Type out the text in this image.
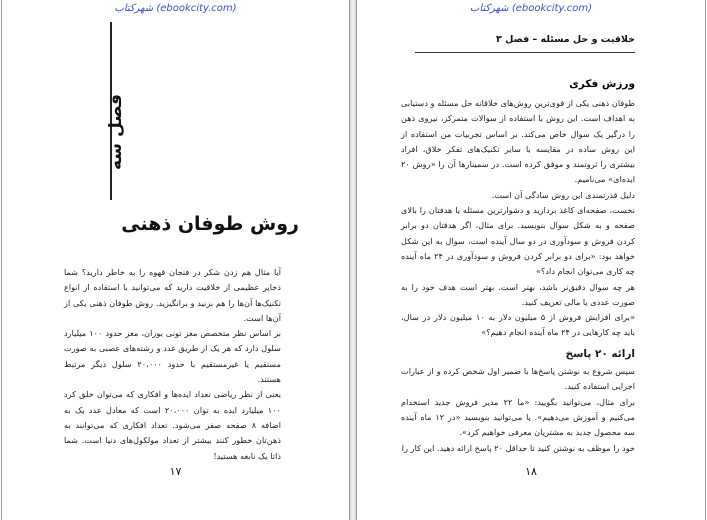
شهرکتاب (ebookcity.com)
فصل سه
روش طوفان ذهنی

آیا مثال هم زدن شکر در فنجان قهوه را به خاطر دارید؟ شما ذخایر عظیمی از خلاقیت دارید که می‌توانید با استفاده از انواع تکنیک‌ها آن‌ها را هم بزنید و برانگیزید. روش طوفان ذهنی یکی از آن‌ها است.

بر اساس نظر متخصص مغز تونی بوزان، مغز حدود ۱۰۰ میلیارد سلول دارد که هر یک از طریق غدد و رشته‌های عصبی به صورت مستقیم یا غیرمستقیم با حدود ۲۰،۰۰۰ سلول دیگر مرتبط هستند.

یعنی از نظر ریاضی تعداد ایده‌ها و افکاری که می‌توان خلق کرد ۱۰۰ میلیارد ایده به توان ۲۰،۰۰۰ است که معادل عدد یک به اضافه ۸ صفحه صفر می‌شود. تعداد افکاری که می‌توانند به ذهن‌تان خطور کنند بیشتر از تعداد مولکول‌های دنیا است. شما ذاتا یک نابغه هستید!

۱۷
شهرکتاب (ebookcity.com)
خلاقیت و حل مسئله – فصل ۳
ورزش فکری

طوفان ذهنی یکی از قوی‌ترین روش‌های خلاقانه حل مسئله و دستیابی به اهداف است. این روش با استفاده از سوالات متمرکز، نیروی ذهن را درگیر یک سوال خاص می‌کند. بر اساس تجربیات من استفاده از این روش ساده در مقایسه با سایر تکنیک‌های تفکر خلاق، افراد بیشتری را ثروتمند و موفق کرده است. در سمینارها آن را «روش ۲۰ ایده‌ای» می‌نامیم.

دلیل قدرتمندی این روش سادگی آن است.

نخست، صفحه‌ای کاغذ بردارید و دشوارترین مسئله یا هدفتان را بالای صفحه و به شکل سوال بنویسید. برای مثال، اگر هدفتان دو برابر کردن فروش و سودآوری در دو سال آینده است، سوال به این شکل خواهد بود: «برای دو برابر کردن فروش و سودآوری در ۲۴ ماه آینده چه کاری می‌توان انجام داد؟»

هر چه سوال دقیق‌تر باشد، بهتر است. بهتر است هدف خود را به صورت عددی یا مالی تعریف کنید.

«برای افزایش فروش از ۵ میلیون دلار به ۱۰ میلیون دلار در سال، باید چه کارهایی در ۲۴ ماه آینده انجام دهیم؟»

ارائه ۲۰ پاسخ

سپس شروع به نوشتن پاسخ‌ها با ضمیر اول شخص کرده و از عبارات اجرایی استفاده کنید.

برای مثال، می‌توانید بگویید: «ما ۲۲ مدیر فروش جدید استخدام می‌کنیم و آموزش می‌دهیم». یا می‌توانید بنویسید «در ۱۲ ماه آینده سه محصول جدید به مشتریان معرفی خواهیم کرد».

خود را موظف به نوشتن کنید تا حداقل ۲۰ پاسخ ارائه دهید. این کار را

۱۸
